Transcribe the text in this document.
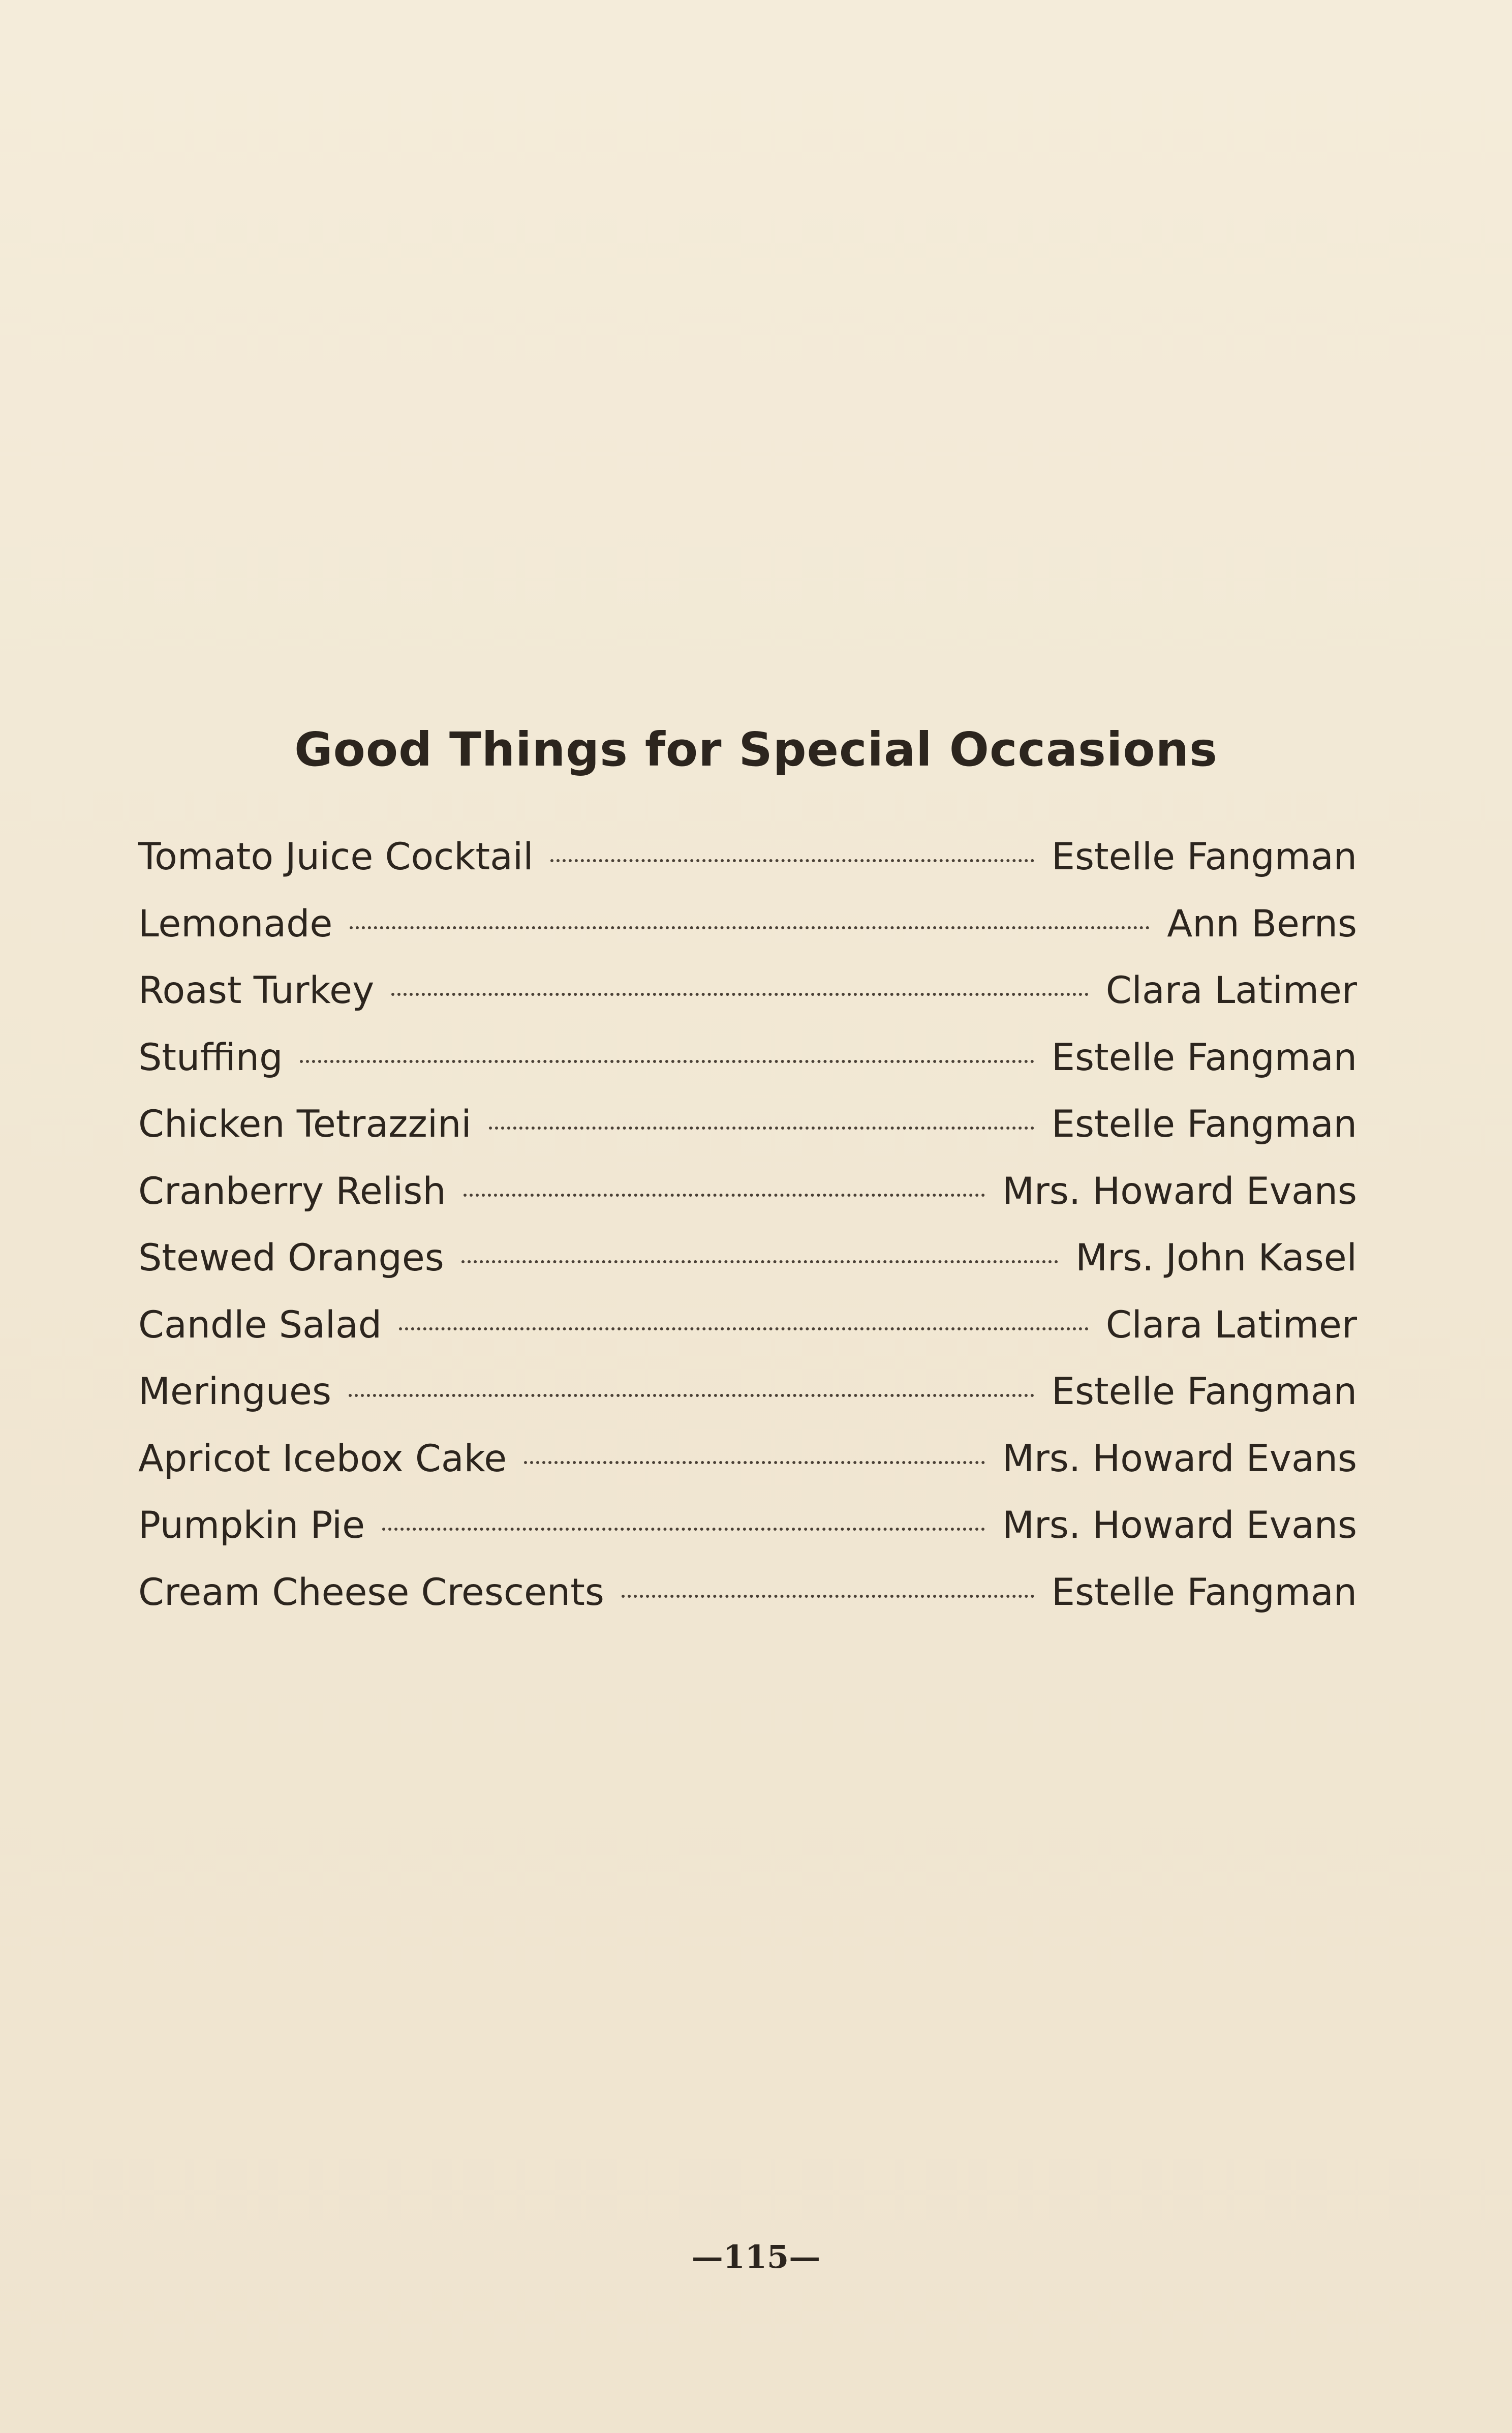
Good Things for Special Occasions
Tomato Juice Cocktail	Estelle Fangman
Lemonade	Ann Berns
Roast Turkey	Clara Latimer
Stuffing	Estelle Fangman
Chicken Tetrazzini	Estelle Fangman
Cranberry Relish	Mrs. Howard Evans
Stewed Oranges	Mrs. John Kasel
Candle Salad	Clara Latimer
Meringues	Estelle Fangman
Apricot Icebox Cake	Mrs. Howard Evans
Pumpkin Pie	Mrs. Howard Evans
Cream Cheese Crescents	Estelle Fangman
—115—
